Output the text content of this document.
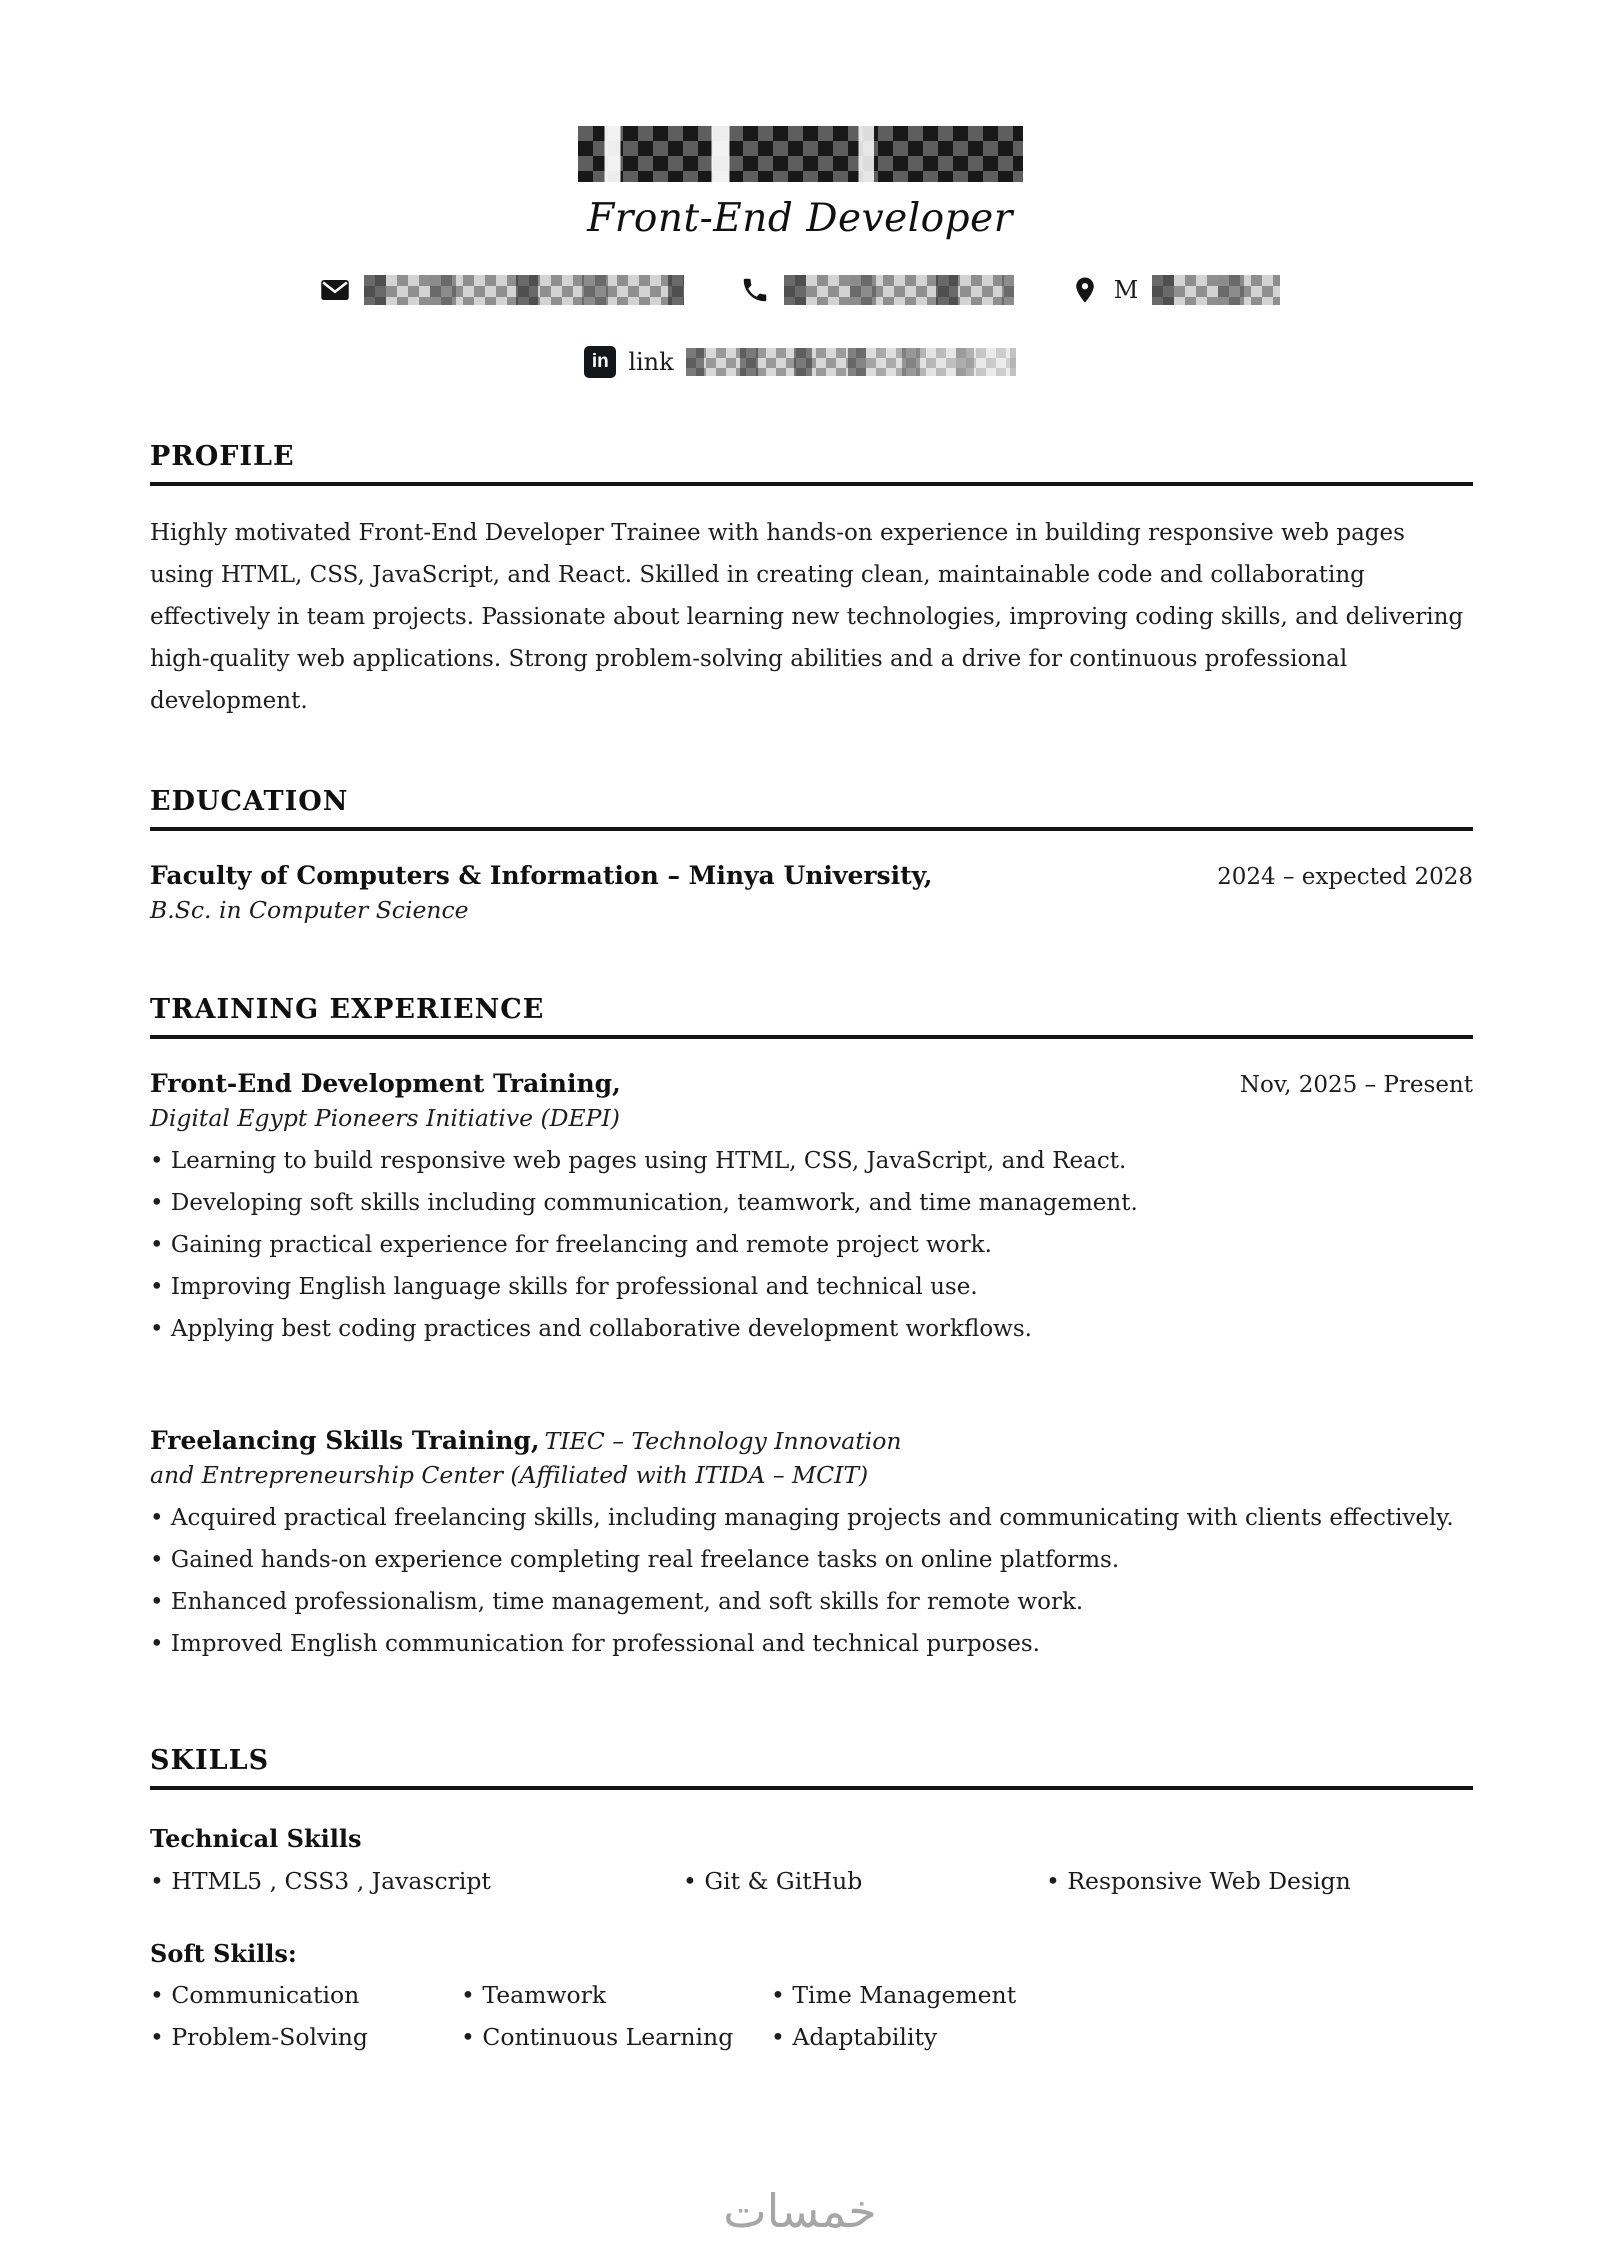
Front-End Developer
M
in link
PROFILE

Highly motivated Front-End Developer Trainee with hands-on experience in building responsive web pages using HTML, CSS, JavaScript, and React. Skilled in creating clean, maintainable code and collaborating effectively in team projects. Passionate about learning new technologies, improving coding skills, and delivering high-quality web applications. Strong problem-solving abilities and a drive for continuous professional development.

EDUCATION
Faculty of Computers & Information – Minya University,	2024 – expected 2028
B.Sc. in Computer Science
TRAINING EXPERIENCE
Front-End Development Training,	Nov, 2025 – Present
Digital Egypt Pioneers Initiative (DEPI)
• Learning to build responsive web pages using HTML, CSS, JavaScript, and React.
• Developing soft skills including communication, teamwork, and time management.
• Gaining practical experience for freelancing and remote project work.
• Improving English language skills for professional and technical use.
• Applying best coding practices and collaborative development workflows.
Freelancing Skills Training, TIEC – Technology Innovation
and Entrepreneurship Center (Affiliated with ITIDA – MCIT)
• Acquired practical freelancing skills, including managing projects and communicating with clients effectively.
• Gained hands-on experience completing real freelance tasks on online platforms.
• Enhanced professionalism, time management, and soft skills for remote work.
• Improved English communication for professional and technical purposes.
SKILLS
Technical Skills
• HTML5 , CSS3 , Javascript	• Git & GitHub	• Responsive Web Design
Soft Skills:
• Communication	• Teamwork	• Time Management
• Problem-Solving	• Continuous Learning	• Adaptability
خمسات
